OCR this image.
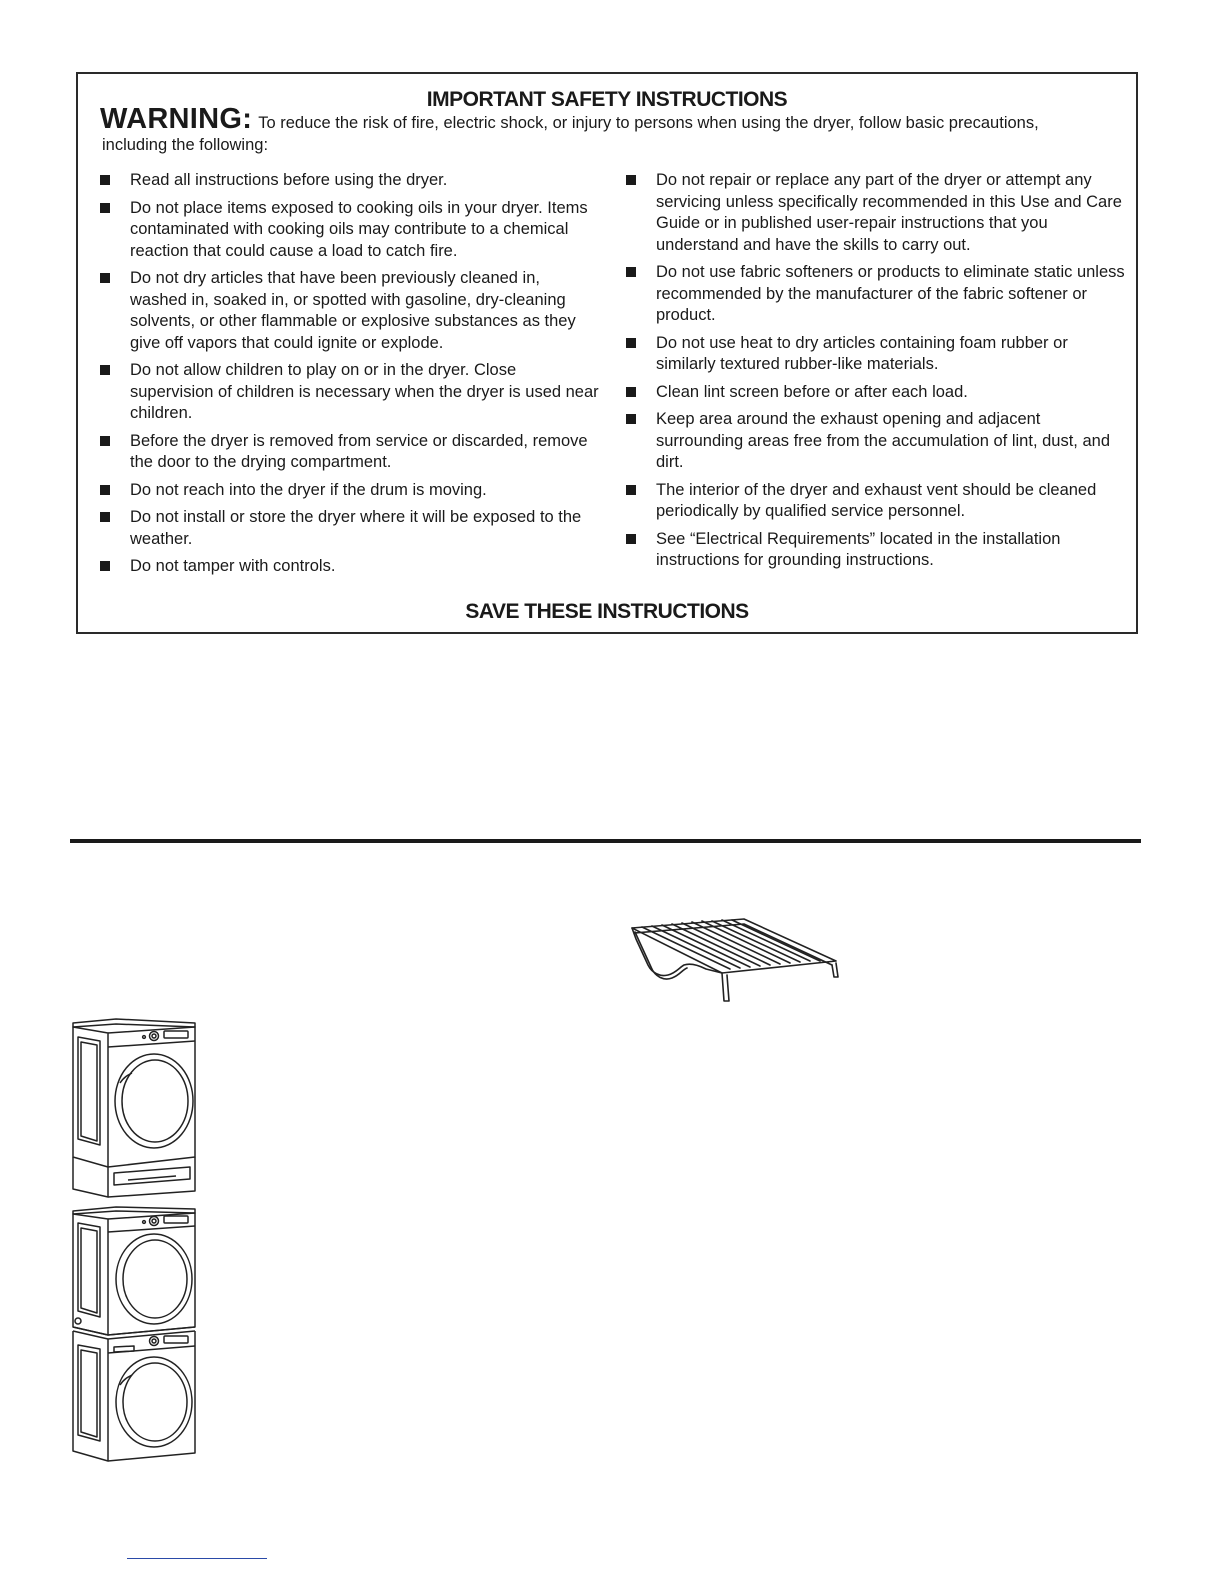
IMPORTANT SAFETY INSTRUCTIONS
WARNING: To reduce the risk of fire, electric shock, or injury to persons when using the dryer, follow basic precautions,
including the following:
Read all instructions before using the dryer.
Do not place items exposed to cooking oils in your dryer. Items contaminated with cooking oils may contribute to a chemical reaction that could cause a load to catch fire.
Do not dry articles that have been previously cleaned in, washed in, soaked in, or spotted with gasoline, dry-cleaning solvents, or other flammable or explosive substances as they give off vapors that could ignite or explode.
Do not allow children to play on or in the dryer. Close supervision of children is necessary when the dryer is used near children.
Before the dryer is removed from service or discarded, remove the door to the drying compartment.
Do not reach into the dryer if the drum is moving.
Do not install or store the dryer where it will be exposed to the weather.
Do not tamper with controls.
Do not repair or replace any part of the dryer or attempt any servicing unless specifically recommended in this Use and Care Guide or in published user-repair instructions that you understand and have the skills to carry out.
Do not use fabric softeners or products to eliminate static unless recommended by the manufacturer of the fabric softener or product.
Do not use heat to dry articles containing foam rubber or similarly textured rubber-like materials.
Clean lint screen before or after each load.
Keep area around the exhaust opening and adjacent surrounding areas free from the accumulation of lint, dust, and dirt.
The interior of the dryer and exhaust vent should be cleaned periodically by qualified service personnel.
See “Electrical Requirements” located in the installation instructions for grounding instructions.
SAVE THESE INSTRUCTIONS
